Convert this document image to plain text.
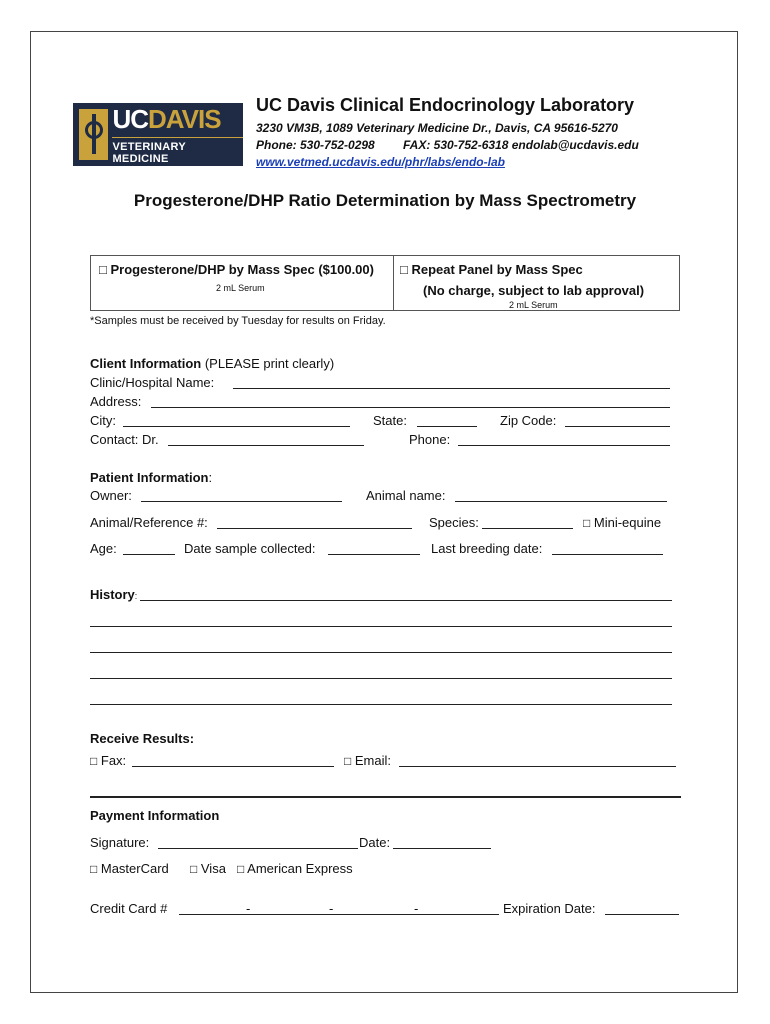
UCDAVIS
VETERINARY MEDICINE
UC Davis Clinical Endocrinology Laboratory
3230 VM3B, 1089 Veterinary Medicine Dr., Davis, CA 95616-5270
Phone: 530-752-0298 FAX: 530-752-6318 endolab@ucdavis.edu
www.vetmed.ucdavis.edu/phr/labs/endo-lab
Progesterone/DHP Ratio Determination by Mass Spectrometry
□ Progesterone/DHP by Mass Spec ($100.00)
2 mL Serum
□ Repeat Panel by Mass Spec
(No charge, subject to lab approval)
2 mL Serum
*Samples must be received by Tuesday for results on Friday.
Client Information (PLEASE print clearly)
Clinic/Hospital Name:
Address:
City:	State:	Zip Code:
Contact: Dr.	Phone:
Patient Information:
Owner:	Animal name:
Animal/Reference #:	Species:	□ Mini-equine
Age:	Date sample collected:	Last breeding date:
History:
Receive Results:
□ Fax:	□ Email:
Payment Information
Signature:	Date:
□ MasterCard □ Visa □ American Express
Credit Card #	-	-	-	Expiration Date:
